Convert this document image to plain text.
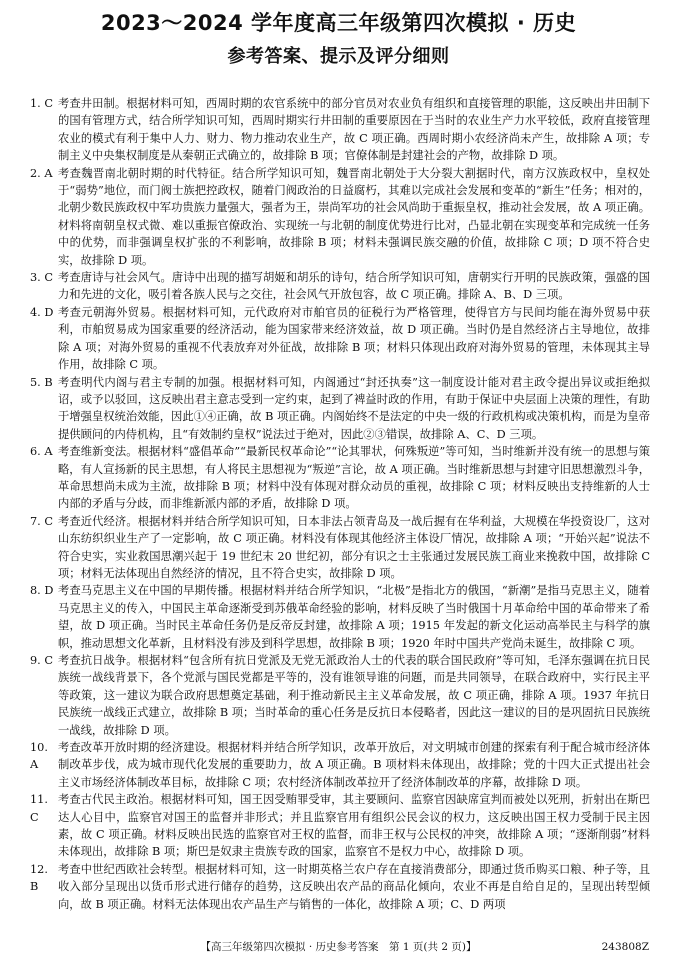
2023～2024 学年度高三年级第四次模拟 · 历史
参考答案、提示及评分细则
1. C 考查井田制。根据材料可知，西周时期的农官系统中的部分官员对农业负有组织和直接管理的职能，这反映出井田制下的国有管理方式，结合所学知识可知，西周时期实行井田制的重要原因在于当时的农业生产力水平较低，政府直接管理农业的模式有利于集中人力、财力、物力推动农业生产，故 C 项正确。西周时期小农经济尚未产生，故排除 A 项；专制主义中央集权制度是从秦朝正式确立的，故排除 B 项；官僚体制是封建社会的产物，故排除 D 项。
2. A 考查魏晋南北朝时期的时代特征。结合所学知识可知，魏晋南北朝处于大分裂大割据时代，南方汉族政权中，皇权处于“弱势”地位，而门阀士族把控政权，随着门阀政治的日益腐朽，其难以完成社会发展和变革的“新生”任务；相对的，北朝少数民族政权中军功贵族力量强大，强者为王，崇尚军功的社会风尚助于重振皇权，推动社会发展，故 A 项正确。材料将南朝皇权式微、难以重振官僚政治、实现统一与北朝的制度优势进行比对，凸显北朝在实现变革和完成统一任务中的优势，而非强调皇权扩张的不利影响，故排除 B 项；材料未强调民族交融的价值，故排除 C 项；D 项不符合史实，故排除 D 项。
3. C 考查唐诗与社会风气。唐诗中出现的描写胡姬和胡乐的诗句，结合所学知识可知，唐朝实行开明的民族政策，强盛的国力和先进的文化，吸引着各族人民与之交往，社会风气开放包容，故 C 项正确。排除 A、B、D 三项。
4. D 考查元朝海外贸易。根据材料可知，元代政府对市舶官员的征税行为严格管理，使得官方与民间均能在海外贸易中获利，市舶贸易成为国家重要的经济活动，能为国家带来经济效益，故 D 项正确。当时仍是自然经济占主导地位，故排除 A 项；对海外贸易的重视不代表放弃对外征战，故排除 B 项；材料只体现出政府对海外贸易的管理，未体现其主导作用，故排除 C 项。
5. B 考查明代内阁与君主专制的加强。根据材料可知，内阁通过“封还执奏”这一制度设计能对君主政令提出异议或拒绝拟诏，或予以驳回，这反映出君主意志受到一定约束，起到了裨益时政的作用，有助于保证中央层面上决策的理性，有助于增强皇权统治效能，因此①④正确，故 B 项正确。内阁始终不是法定的中央一级的行政机构或决策机构，而是为皇帝提供顾问的内侍机构，且“有效制约皇权”说法过于绝对，因此②③错误，故排除 A、C、D 三项。
6. A 考查维新变法。根据材料“盛倡革命”“最新民权革命论”“论其罪状，何殊叛逆”等可知，当时维新并没有统一的思想与策略，有人宣扬新的民主思想，有人将民主思想视为“叛逆”言论，故 A 项正确。当时维新思想与封建守旧思想激烈斗争，革命思想尚未成为主流，故排除 B 项；材料中没有体现对群众动员的重视，故排除 C 项；材料反映出支持维新的人士内部的矛盾与分歧，而非维新派内部的矛盾，故排除 D 项。
7. C 考查近代经济。根据材料并结合所学知识可知，日本非法占领青岛及一战后握有在华利益，大规模在华投资设厂，这对山东纺织织业生产了一定影响，故 C 项正确。材料没有体现其他经济主体设厂情况，故排除 A 项；“开始兴起”说法不符合史实，实业救国思潮兴起于 19 世纪末 20 世纪初，部分有识之士主张通过发展民族工商业来挽救中国，故排除 C 项；材料无法体现出自然经济的情况，且不符合史实，故排除 D 项。
8. D 考查马克思主义在中国的早期传播。根据材料并结合所学知识，“北极”是指北方的俄国，“新潮”是指马克思主义，随着马克思主义的传入，中国民主革命逐渐受到苏俄革命经验的影响，材料反映了当时俄国十月革命给中国的革命带来了希望，故 D 项正确。当时民主革命任务仍是反帝反封建，故排除 A 项；1915 年发起的新文化运动高举民主与科学的旗帜，推动思想文化革新，且材料没有涉及到科学思想，故排除 B 项；1920 年时中国共产党尚未诞生，故排除 C 项。
9. C 考查抗日战争。根据材料“包含所有抗日党派及无党无派政治人士的代表的联合国民政府”等可知，毛泽东强调在抗日民族统一战线背景下，各个党派与国民党都是平等的，没有谁领导谁的问题，而是共同领导，在联合政府中，实行民主平等政策，这一建议为联合政府思想奠定基础，利于推动新民主主义革命发展，故 C 项正确，排除 A 项。1937 年抗日民族统一战线正式建立，故排除 B 项；当时革命的重心任务是反抗日本侵略者，因此这一建议的目的是巩固抗日民族统一战线，故排除 D 项。
10. A
考查改革开放时期的经济建设。根据材料并结合所学知识，改革开放后，对文明城市创建的探索有利于配合城市经济体制改革步伐，成为城市现代化发展的重要助力，故 A 项正确。B 项材料未体现出，故排除；党的十四大正式提出社会主义市场经济体制改革目标，故排除 C 项；农村经济体制改革拉开了经济体制改革的序幕，故排除 D 项。
11. C
考查古代民主政治。根据材料可知，国王因受贿罪受审，其主要顾问、监察官因缺席宣判而被处以死刑，折射出在斯巴达人心目中，监察官对国王的监督并非形式；并且监察官用有组织公民会议的权力，这反映出国王权力受制于民主因素，故 C 项正确。材料反映出民选的监察官对王权的监督，而非王权与公民权的冲突，故排除 A 项；“逐渐削弱”材料未体现出，故排除 B 项；斯巴是奴隶主贵族专政的国家，监察官不是权力中心，故排除 D 项。
12. B
考查中世纪西欧社会转型。根据材料可知，这一时期英格兰农户存在直接消费部分，即通过货币购买口粮、种子等，且收入部分呈现出以货币形式进行储存的趋势，这反映出农产品的商品化倾向，农业不再是自给自足的，呈现出转型倾向，故 B 项正确。材料无法体现出农产品生产与销售的一体化，故排除 A 项；C、D 两项
【高三年级第四次模拟 · 历史参考答案　第 1 页(共 2 页)】	243808Z
